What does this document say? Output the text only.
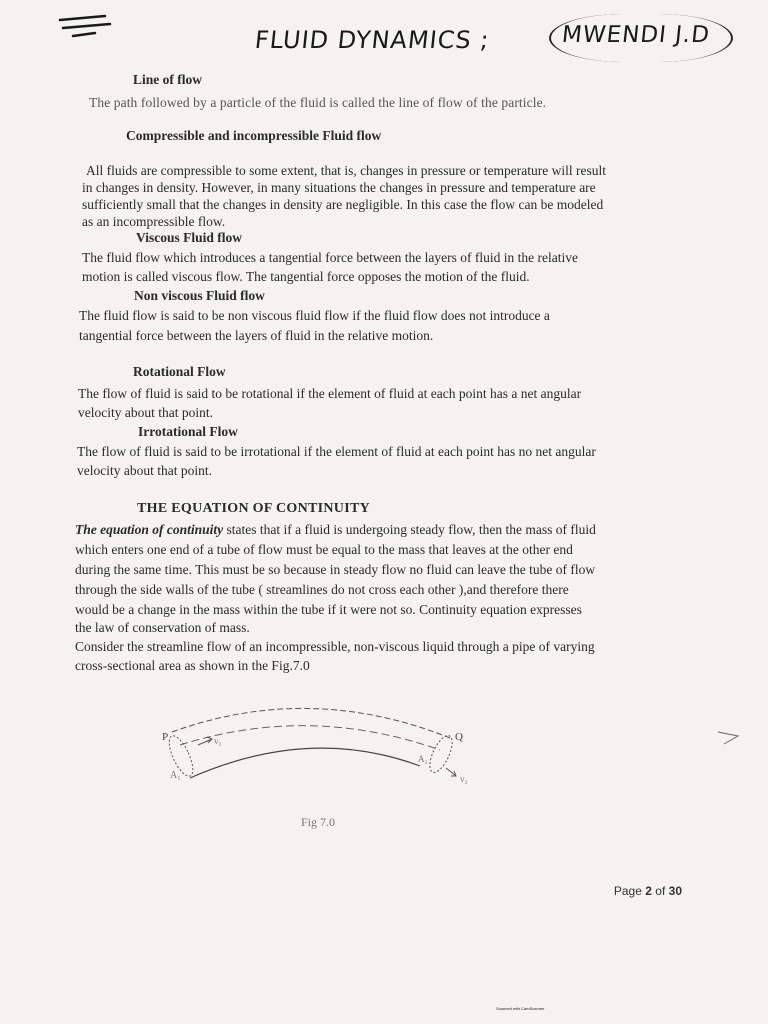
FLUID DYNAMICS ;	MWENDI J.D
Line of flow
The path followed by a particle of the fluid is called the line of flow of the particle.
Compressible and incompressible Fluid flow
All fluids are compressible to some extent, that is, changes in pressure or temperature will result
in changes in density. However, in many situations the changes in pressure and temperature are
sufficiently small that the changes in density are negligible. In this case the flow can be modeled
as an incompressible flow.
Viscous Fluid flow
The fluid flow which introduces a tangential force between the layers of fluid in the relative
motion is called viscous flow. The tangential force opposes the motion of the fluid.
Non viscous Fluid flow
The fluid flow is said to be non viscous fluid flow if the fluid flow does not introduce a
tangential force between the layers of fluid in the relative motion.
Rotational Flow
The flow of fluid is said to be rotational if the element of fluid at each point has a net angular
velocity about that point.
Irrotational Flow
The flow of fluid is said to be irrotational if the element of fluid at each point has no net angular
velocity about that point.
THE EQUATION OF CONTINUITY
The equation of continuity states that if a fluid is undergoing steady flow, then the mass of fluid
which enters one end of a tube of flow must be equal to the mass that leaves at the other end
during the same time. This must be so because in steady flow no fluid can leave the tube of flow
through the side walls of the tube ( streamlines do not cross each other ),and therefore there
would be a change in the mass within the tube if it were not so. Continuity equation expresses
the law of conservation of mass.
Consider the streamline flow of an incompressible, non-viscous liquid through a pipe of varying
cross-sectional area as shown in the Fig.7.0
P	Q
v₁
v₂
A₁
A₂
Fig 7.0
Page 2 of 30
Scanned with CamScanner
